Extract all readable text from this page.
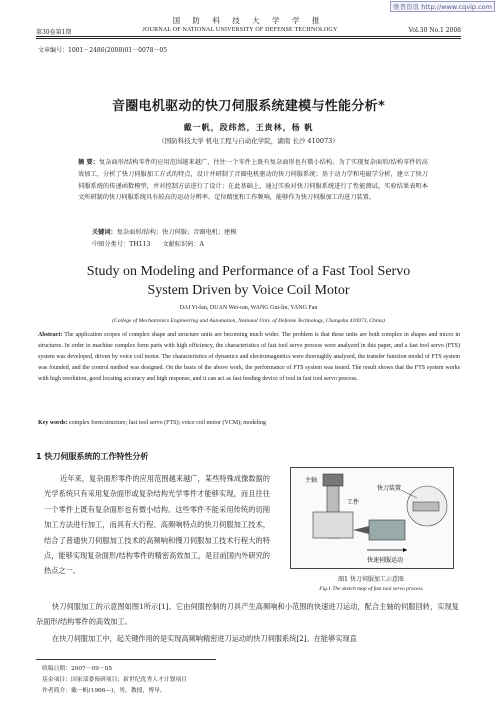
维普资讯 http://www.cqvip.com
国 防 科 技 大 学 学 报
第30卷第1期	JOURNAL OF NATIONAL UNIVERSITY OF DEFENSE TECHNOLOGY	Vol.30 No.1 2008
文章编号：1001－2486(2008)01－0078－05
音圈电机驱动的快刀伺服系统建模与性能分析*
戴一帆，段纬然，王贵林，杨 帆
（国防科技大学 机电工程与自动化学院，湖南 长沙 410073）
摘 要：复杂面形/结构零件的应用范围越来越广，往往一个零件上既有复杂面形也有微小结构。为了实现复杂面形/结构零件的高效加工，分析了快刀伺服加工方式的特点，设计并研制了音圈电机驱动的快刀伺服系统；基于动力学和电磁学分析，建立了快刀伺服系统的传递函数模型，并对控制方法进行了设计；在此基础上，通过实验对快刀伺服系统进行了性能测试，实验结果表明本文所研制的快刀伺服系统具有较高的运动分辨率、定位精度和工作频响，能够作为快刀伺服加工的进刀装置。
关键词：复杂面形/结构；快刀伺服；音圈电机；建模
中图分类号：TH113 文献标识码：A
Study on Modeling and Performance of a Fast Tool Servo System Driven by Voice Coil Motor
DAI Yi-fan, DUAN Wei-ran, WANG Gui-lin, YANG Fan
(College of Mechatronics Engineering and Automation, National Univ. of Defense Technology, Changsha 410073, China)
Abstract: The application scopes of complex shape and structure units are becoming much wider. The problem is that these units are both complex in shapes and micro in structures. In order to machine complex form parts with high efficiency, the characteristics of fast tool servo process were analyzed in this paper, and a fast tool servo (FTS) system was developed, driven by voice coil motor. The characteristics of dynamics and electromagnetics were thoroughly analyzed, the transfer function model of FTS system was founded, and the control method was designed. On the basis of the above work, the performance of FTS system was tested. The result shows that the FTS system works with high resolution, good locating accuracy and high response, and it can act as fast feeding device of tool in fast tool servo process.
Key words: complex form/structure; fast tool servo (FTS); voice coil motor (VCM); modeling
1 快刀伺服系统的工作特性分析
近年来，复杂面形零件的应用范围越来越广，某些特殊成像数据的光学系统只有采用复杂面形或复杂结构光学零件才能够实现，而且往往一个零件上既有复杂面形也有微小结构。这些零件不能采用传统的切削加工方法进行加工，而具有大行程、高频响特点的快刀伺服加工技术，结合了普通快刀伺服加工技术的高频响和慢刀伺服加工技术行程大的特点，能够实现复杂面形/结构零件的精密高效加工，是目前国内外研究的热点之一。
主轴
工件
快刀装置
快速伺服运动
图1 快刀伺服加工示意图
Fig.1 The sketch map of fast tool servo process
快刀伺服加工的示意图如图1所示[1]。它由伺服控制的刀具产生高频响和小范围的快速进刀运动，配合主轴的伺服回转，实现复杂面形/结构零件的高效加工。
在快刀伺服加工中，起关键作用的是实现高频响精密进刀运动的快刀伺服系统[2]。在能够实现直
收稿日期：2007－09－05
基金项目：国家部委预研项目；新世纪优秀人才计划项目
作者简介：戴一帆(1966—)，男，教授，博导。
